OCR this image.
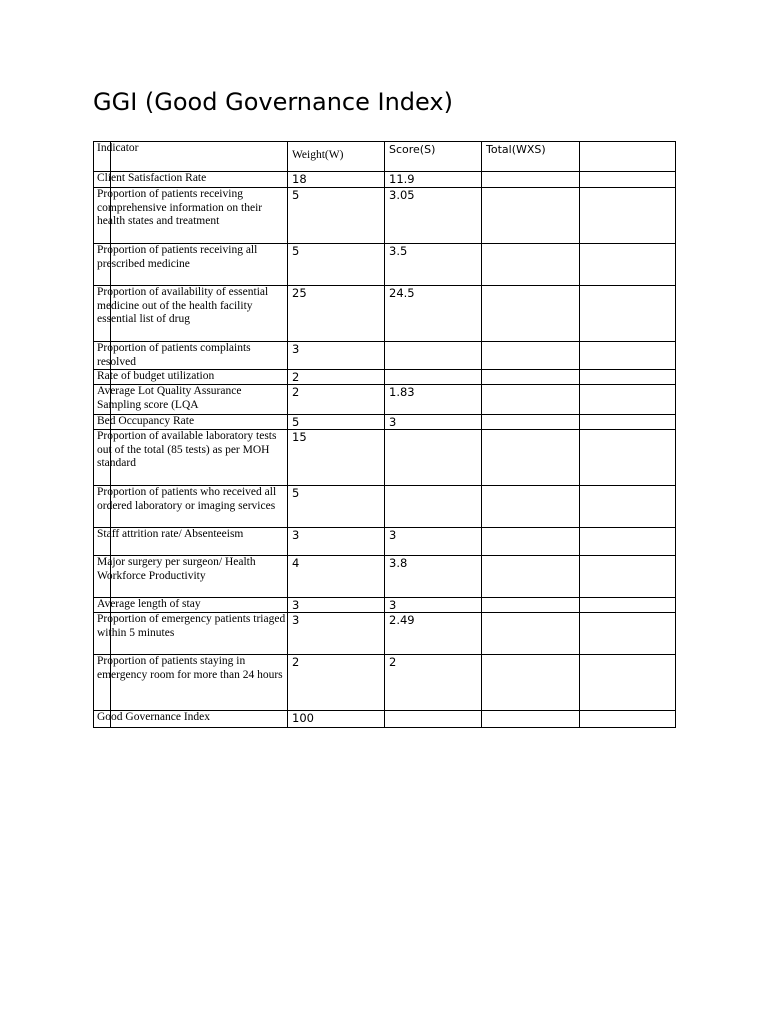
GGI (Good Governance Index)

	Indicator	Weight(W)	Score(S)	Total(WXS)	

	Client Satisfaction Rate	18	11.9		

	Proportion of patients receiving comprehensive information on their health states and treatment	5	3.05		

	Proportion of patients receiving all prescribed medicine	5	3.5		

	Proportion of availability of essential medicine out of the health facility essential list of drug	25	24.5		

	Proportion of patients complaints resolved	3			

	Rate of budget utilization	2			

	Average Lot Quality Assurance Sampling score (LQA	2	1.83		

	Bed Occupancy Rate	5	3		

	Proportion of available laboratory tests out of the total (85 tests) as per MOH standard	15			

	Proportion of patients who received all ordered laboratory or imaging services	5			

	Staff attrition rate/ Absenteeism	3	3		

	Major surgery per surgeon/ Health Workforce Productivity	4	3.8		

	Average length of stay	3	3		

	Proportion of emergency patients triaged within 5 minutes	3	2.49		

	Proportion of patients staying in emergency room for more than 24 hours	2	2		

	Good Governance Index	100			
